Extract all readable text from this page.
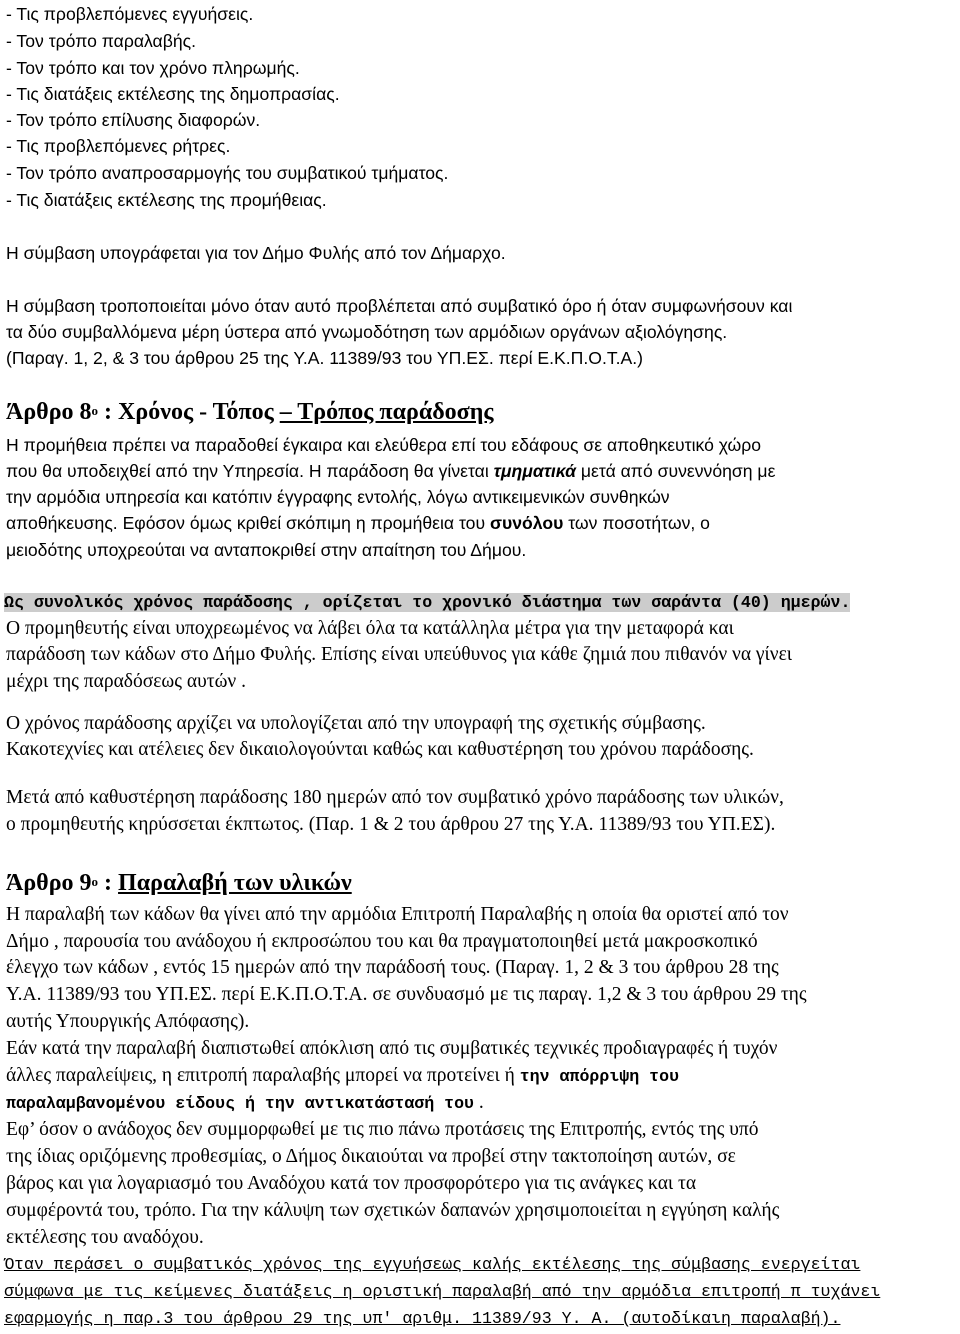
- Τις προβλεπόμενες εγγυήσεις.
- Τον τρόπο παραλαβής.
- Τον τρόπο και τον χρόνο πληρωμής.
- Τις διατάξεις εκτέλεσης της δημοπρασίας.
- Τον τρόπο επίλυσης διαφορών.
- Τις προβλεπόμενες ρήτρες.
- Τον τρόπο αναπροσαρμογής του συμβατικού τμήματος.
- Τις διατάξεις εκτέλεσης της προμήθειας.
Η σύμβαση υπογράφεται για τον Δήμο Φυλής από τον Δήμαρχο.
Η σύμβαση τροποποιείται μόνο όταν αυτό προβλέπεται από συμβατικό όρο ή όταν συμφωνήσουν και
τα δύο συμβαλλόμενα μέρη ύστερα από γνωμοδότηση των αρμόδιων οργάνων αξιολόγησης.
(Παραγ. 1, 2, & 3 του άρθρου 25 της Υ.Α. 11389/93 του ΥΠ.ΕΣ. περί Ε.Κ.Π.Ο.Τ.Α.)
Άρθρο $8^o$ : Χρόνος - Τόπος – Τρόπος παράδοσης
Η προμήθεια πρέπει να παραδοθεί έγκαιρα και ελεύθερα επί του εδάφους σε αποθηκευτικό χώρο
που θα υποδειχθεί από την Υπηρεσία. Η παράδοση θα γίνεται τμηματικά μετά από συνεννόηση με
την αρμόδια υπηρεσία και κατόπιν έγγραφης εντολής, λόγω αντικειμενικών συνθηκών
αποθήκευσης. Εφόσον όμως κριθεί σκόπιμη η προμήθεια του συνόλου των ποσοτήτων, ο
μειοδότης υποχρεούται να ανταποκριθεί στην απαίτηση του Δήμου.
Ως συνολικός χρόνος παράδοσης , ορίζεται το χρονικό διάστημα των σαράντα (40) ημερών.
Ο προμηθευτής είναι υποχρεωμένος να λάβει όλα τα κατάλληλα μέτρα για την μεταφορά και
παράδοση των κάδων στο Δήμο Φυλής. Επίσης είναι υπεύθυνος για κάθε ζημιά που πιθανόν να γίνει
μέχρι της παραδόσεως αυτών .
Ο χρόνος παράδοσης αρχίζει να υπολογίζεται από την υπογραφή της σχετικής σύμβασης.
Κακοτεχνίες και ατέλειες δεν δικαιολογούνται καθώς και καθυστέρηση του χρόνου παράδοσης.
Μετά από καθυστέρηση παράδοσης 180 ημερών από τον συμβατικό χρόνο παράδοσης των υλικών,
ο προμηθευτής κηρύσσεται έκπτωτος. (Παρ. 1 & 2 του άρθρου 27 της Υ.Α. 11389/93 του ΥΠ.ΕΣ).
Άρθρο $9^o$ : Παραλαβή των υλικών
Η παραλαβή των κάδων θα γίνει από την αρμόδια Επιτροπή Παραλαβής η οποία θα οριστεί από τον
Δήμο , παρουσία του ανάδοχου ή εκπροσώπου του και θα πραγματοποιηθεί μετά μακροσκοπικό
έλεγχο των κάδων , εντός 15 ημερών από την παράδοσή τους. (Παραγ. 1, 2 & 3 του άρθρου 28 της
Υ.Α. 11389/93 του ΥΠ.ΕΣ. περί Ε.Κ.Π.Ο.Τ.Α. σε συνδυασμό με τις παραγ. 1,2 & 3 του άρθρου 29 της
αυτής Υπουργικής Απόφασης).
Εάν κατά την παραλαβή διαπιστωθεί απόκλιση από τις συμβατικές τεχνικές προδιαγραφές ή τυχόν
άλλες παραλείψεις, η επιτροπή παραλαβής μπορεί να προτείνει ή την απόρριψη του
παραλαμβανομένου είδους ή την αντικατάστασή του .
Εφ’ όσον ο ανάδοχος δεν συμμορφωθεί με τις πιο πάνω προτάσεις της Επιτροπής, εντός της υπό
της ίδιας οριζόμενης προθεσμίας, ο Δήμος δικαιούται να προβεί στην τακτοποίηση αυτών, σε
βάρος και για λογαριασμό του Αναδόχου κατά τον προσφορότερο για τις ανάγκες και τα
συμφέροντά του, τρόπο. Για την κάλυψη των σχετικών δαπανών χρησιμοποιείται η εγγύηση καλής
εκτέλεσης του αναδόχου.
Όταν περάσει ο συμβατικός χρόνος της εγγυήσεως καλής εκτέλεσης της σύμβασης ενεργείται
σύμφωνα με τις κείμενες διατάξεις η οριστική παραλαβή από την αρμόδια επιτροπή π τυχάνει
εφαρμογής η παρ.3 του άρθρου 29 της υπ' αριθμ. 11389/93 Υ. Α. (αυτοδίκαιη παραλαβή).
